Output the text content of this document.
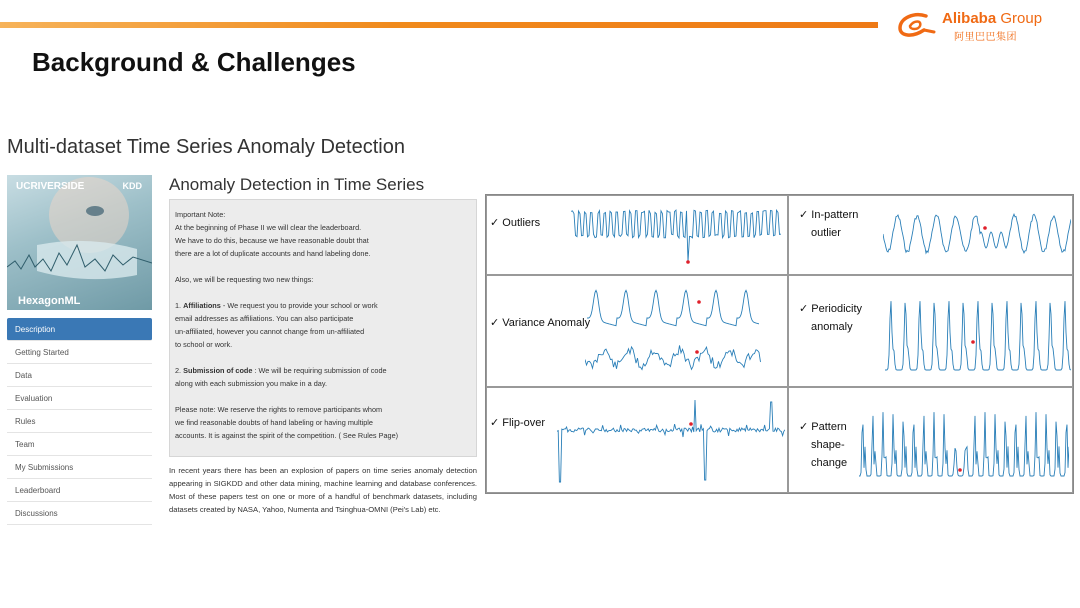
Alibaba Group
阿里巴巴集团
Background & Challenges
Multi-dataset Time Series Anomaly Detection
UCRIVERSIDE	KDD
HexagonML
Description
Getting Started
Data
Evaluation
Rules
Team
My Submissions
Leaderboard
Discussions
Anomaly Detection in Time Series
Important Note:
At the beginning of Phase II we will clear the leaderboard.
We have to do this, because we have reasonable doubt that
there are a lot of duplicate accounts and hand labeling done.
Also, we will be requesting two new things:
1. Affiliations - We request you to provide your school or work
email addresses as affiliations. You can also participate
un-affiliated, however you cannot change from un-affiliated
to school or work.
2. Submission of code : We will be requiring submission of code
along with each submission you make in a day.
Please note: We reserve the rights to remove participants whom
we find reasonable doubts of hand labeling or having multiple
accounts. It is against the spirit of the competition. ( See Rules Page)
In recent years there has been an explosion of papers on time series anomaly detection appearing in SIGKDD and other data mining, machine learning and database conferences. Most of these papers test on one or more of a handful of benchmark datasets, including datasets created by NASA, Yahoo, Numenta and Tsinghua-OMNI (Pei's Lab) etc.
✓ Outliers
✓ In-pattern
outlier
✓ Variance Anomaly
✓ Periodicity
anomaly
✓ Flip-over	✓ Pattern
shape-
change
